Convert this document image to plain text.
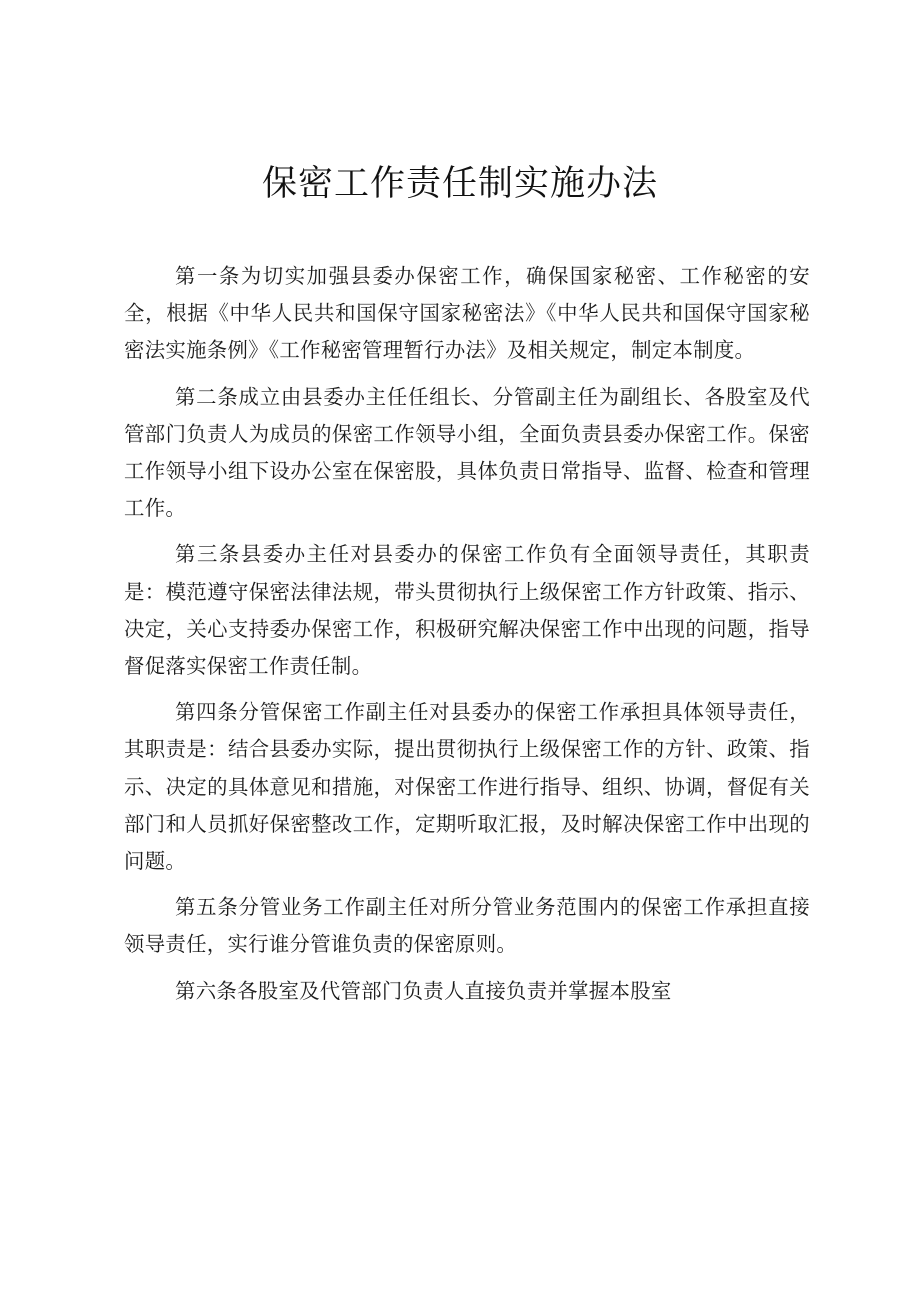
保密工作责任制实施办法

第一条为切实加强县委办保密工作，确保国家秘密、工作秘密的安全，根据《中华人民共和国保守国家秘密法》《中华人民共和国保守国家秘密法实施条例》《工作秘密管理暂行办法》及相关规定，制定本制度。

第二条成立由县委办主任任组长、分管副主任为副组长、各股室及代管部门负责人为成员的保密工作领导小组，全面负责县委办保密工作。保密工作领导小组下设办公室在保密股，具体负责日常指导、监督、检查和管理工作。

第三条县委办主任对县委办的保密工作负有全面领导责任，其职责是：模范遵守保密法律法规，带头贯彻执行上级保密工作方针政策、指示、决定，关心支持委办保密工作，积极研究解决保密工作中出现的问题，指导督促落实保密工作责任制。

第四条分管保密工作副主任对县委办的保密工作承担具体领导责任，其职责是：结合县委办实际，提出贯彻执行上级保密工作的方针、政策、指示、决定的具体意见和措施，对保密工作进行指导、组织、协调，督促有关部门和人员抓好保密整改工作，定期听取汇报，及时解决保密工作中出现的问题。

第五条分管业务工作副主任对所分管业务范围内的保密工作承担直接领导责任，实行谁分管谁负责的保密原则。

第六条各股室及代管部门负责人直接负责并掌握本股室
